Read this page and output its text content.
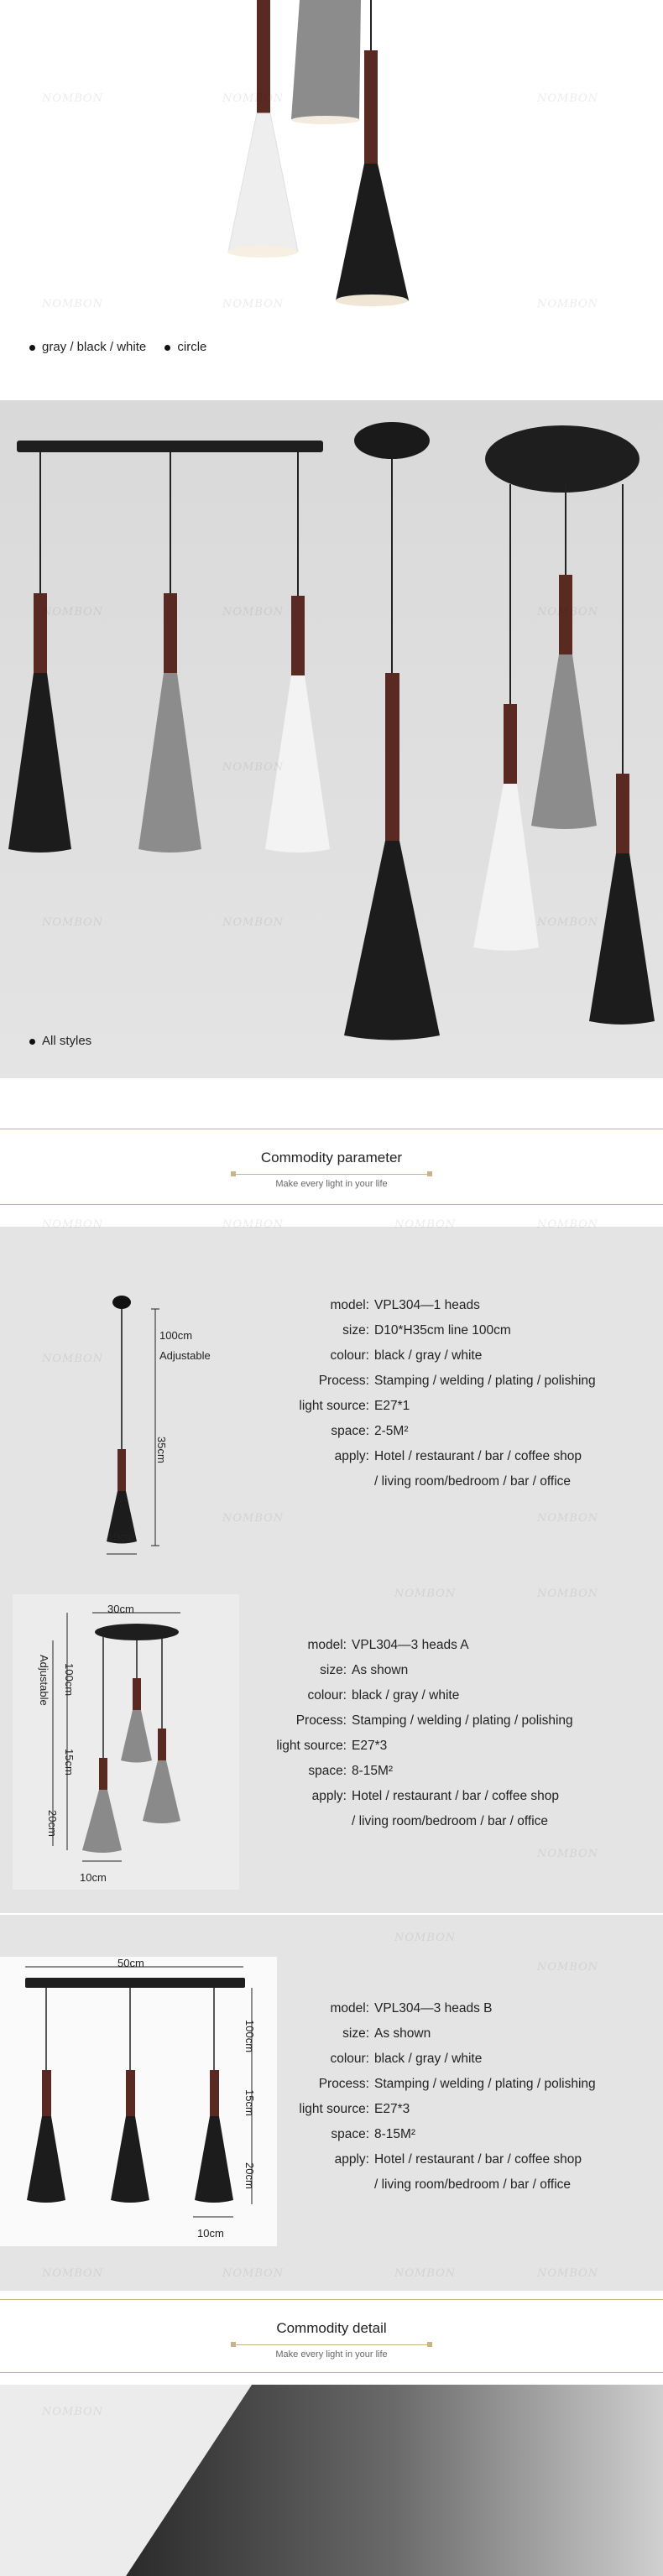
NOMBON	NOMBON	NOMBON
NOMBON	NOMBON	NOMBON
gray / black / white circle
NOMBON	NOMBON	NOMBON
NOMBON
NOMBON	NOMBON	NOMBON
All styles
Commodity parameter
Make every light in your life
100cm
Adjustable
35cm
10cm
model: VPL304—1 heads
size: D10*H35cm line 100cm
colour: black / gray / white
Process: Stamping / welding / plating / polishing
light source: E27*1
space: 2-5M²
apply: Hotel / restaurant / bar / coffee shop
/ living room/bedroom / bar / office
NOMBON	NOMBON	NOMBON	NOMBON
NOMBON
NOMBON	NOMBON
30cm
Adjustable 100cm
15cm
20cm
10cm
model: VPL304—3 heads A
size: As shown
colour: black / gray / white
Process: Stamping / welding / plating / polishing
light source: E27*3
space: 8-15M²
apply: Hotel / restaurant / bar / coffee shop
/ living room/bedroom / bar / office
NOMBON	NOMBON
NOMBON
50cm
100cm
15cm
20cm
10cm
model: VPL304—3 heads B
size: As shown
colour: black / gray / white
Process: Stamping / welding / plating / polishing
light source: E27*3
space: 8-15M²
apply: Hotel / restaurant / bar / coffee shop
/ living room/bedroom / bar / office
NOMBON
NOMBON
NOMBON	NOMBON	NOMBON	NOMBON
Commodity detail
Make every light in your life
NOMBON
